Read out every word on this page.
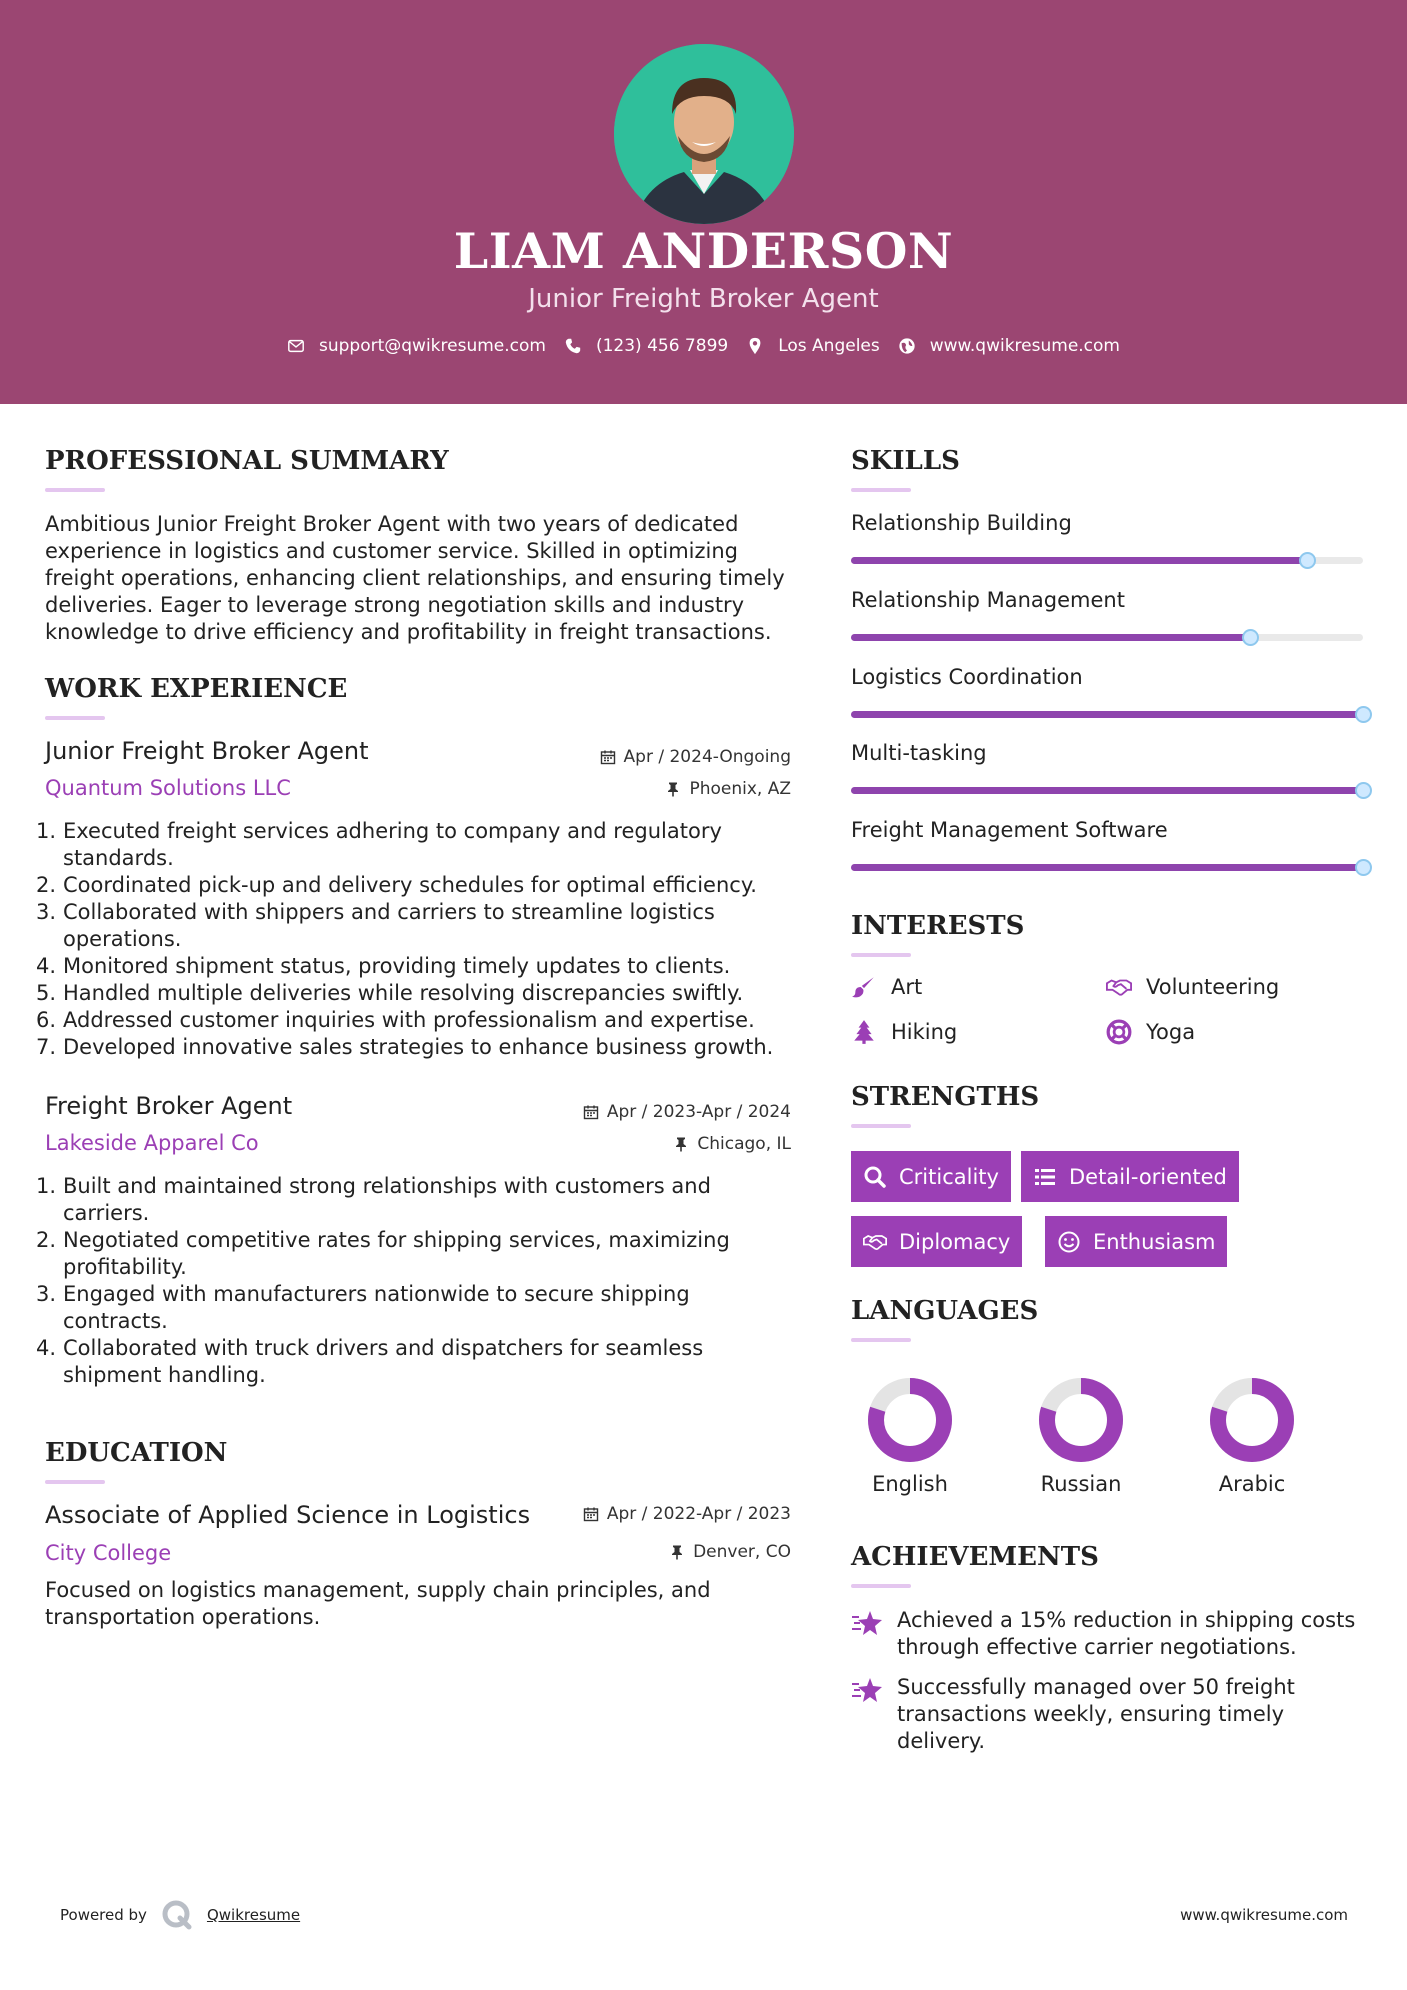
LIAM ANDERSON
Junior Freight Broker Agent
support@qwikresume.com	(123) 456 7899	Los Angeles	www.qwikresume.com
PROFESSIONAL SUMMARY
Ambitious Junior Freight Broker Agent with two years of dedicated experience in logistics and customer service. Skilled in optimizing freight operations, enhancing client relationships, and ensuring timely deliveries. Eager to leverage strong negotiation skills and industry knowledge to drive efficiency and profitability in freight transactions.
WORK EXPERIENCE
Junior Freight Broker Agent	Apr / 2024-Ongoing
Quantum Solutions LLC	Phoenix, AZ
1. Executed freight services adhering to company and regulatory standards.
2. Coordinated pick-up and delivery schedules for optimal efficiency.
3. Collaborated with shippers and carriers to streamline logistics operations.
4. Monitored shipment status, providing timely updates to clients.
5. Handled multiple deliveries while resolving discrepancies swiftly.
6. Addressed customer inquiries with professionalism and expertise.
7. Developed innovative sales strategies to enhance business growth.
Freight Broker Agent	Apr / 2023-Apr / 2024
Lakeside Apparel Co	Chicago, IL
1. Built and maintained strong relationships with customers and carriers.
2. Negotiated competitive rates for shipping services, maximizing profitability.
3. Engaged with manufacturers nationwide to secure shipping contracts.
4. Collaborated with truck drivers and dispatchers for seamless shipment handling.
EDUCATION
Associate of Applied Science in Logistics	Apr / 2022-Apr / 2023
City College	Denver, CO
Focused on logistics management, supply chain principles, and transportation operations.
SKILLS
Relationship Building
Relationship Management
Logistics Coordination
Multi-tasking
Freight Management Software
INTERESTS
Art	Volunteering
Hiking	Yoga
STRENGTHS
Criticality	Detail-oriented
Diplomacy	Enthusiasm
LANGUAGES
English	Russian	Arabic
ACHIEVEMENTS
Achieved a 15% reduction in shipping costs through effective carrier negotiations.
Successfully managed over 50 freight transactions weekly, ensuring timely delivery.
Powered by	Qwikresume	www.qwikresume.com
